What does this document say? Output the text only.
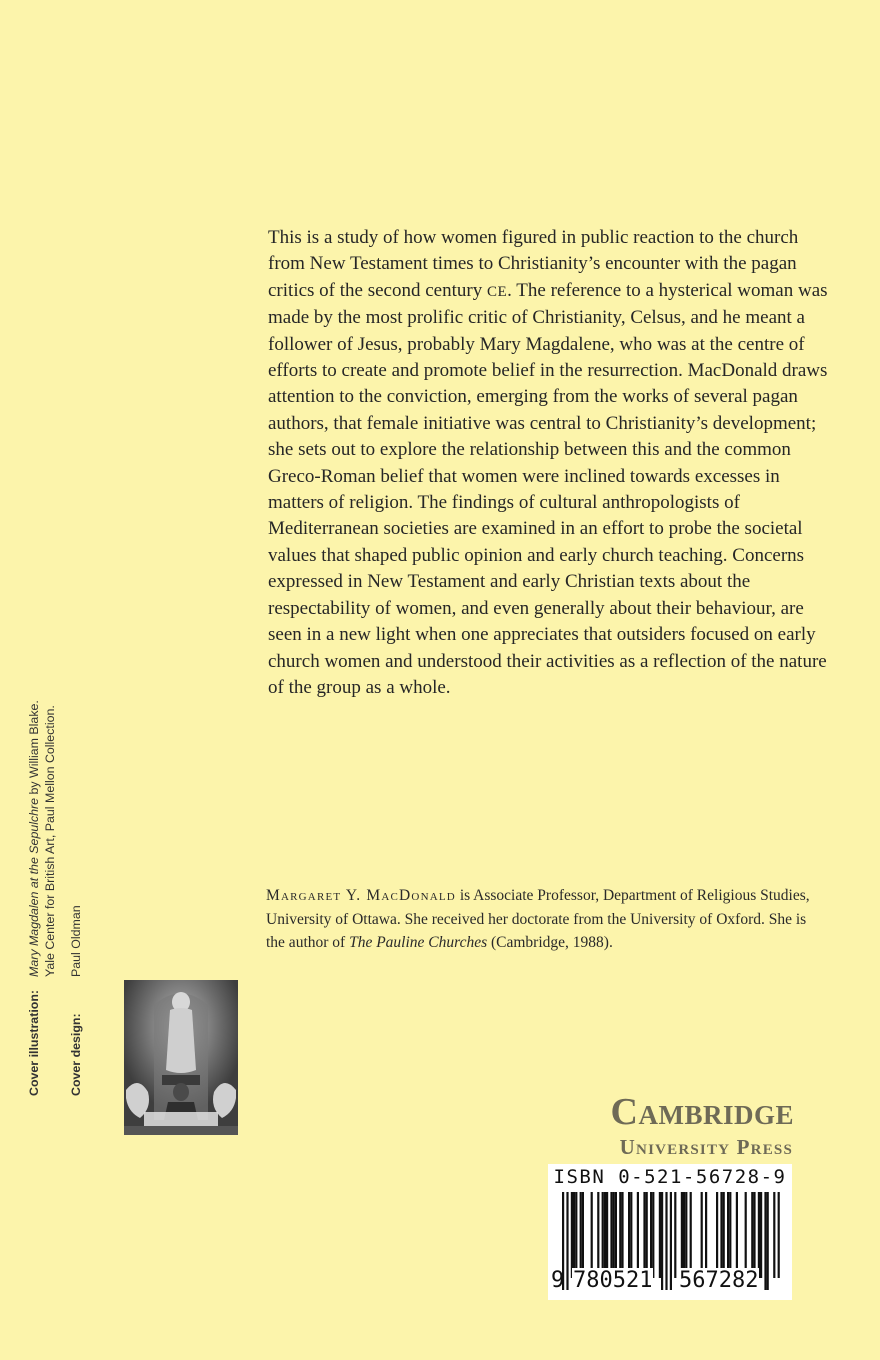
This is a study of how women figured in public reaction to the church from New Testament times to Christianity’s encounter with the pagan critics of the second century CE. The reference to a hysterical woman was made by the most prolific critic of Christianity, Celsus, and he meant a follower of Jesus, probably Mary Magdalene, who was at the centre of efforts to create and promote belief in the resurrection. MacDonald draws attention to the conviction, emerging from the works of several pagan authors, that female initiative was central to Christianity’s development; she sets out to explore the relationship between this and the common Greco-Roman belief that women were inclined towards excesses in matters of religion. The findings of cultural anthropologists of Mediterranean societies are examined in an effort to probe the societal values that shaped public opinion and early church teaching. Concerns expressed in New Testament and early Christian texts about the respectability of women, and even generally about their behaviour, are seen in a new light when one appreciates that outsiders focused on early church women and understood their activities as a reflection of the nature of the group as a whole.

Margaret Y. MacDonald is Associate Professor, Department of Religious Studies, University of Ottawa. She received her doctorate from the University of Oxford. She is the author of The Pauline Churches (Cambridge, 1988).

Cover illustration:
Mary Magdalen at the Sepulchre by William Blake. Yale Center for British Art, Paul Mellon Collection.
Cover design:
Paul Oldman
Cambridge
University Press
ISBN 0-521-56728-9
9 780521 567282
